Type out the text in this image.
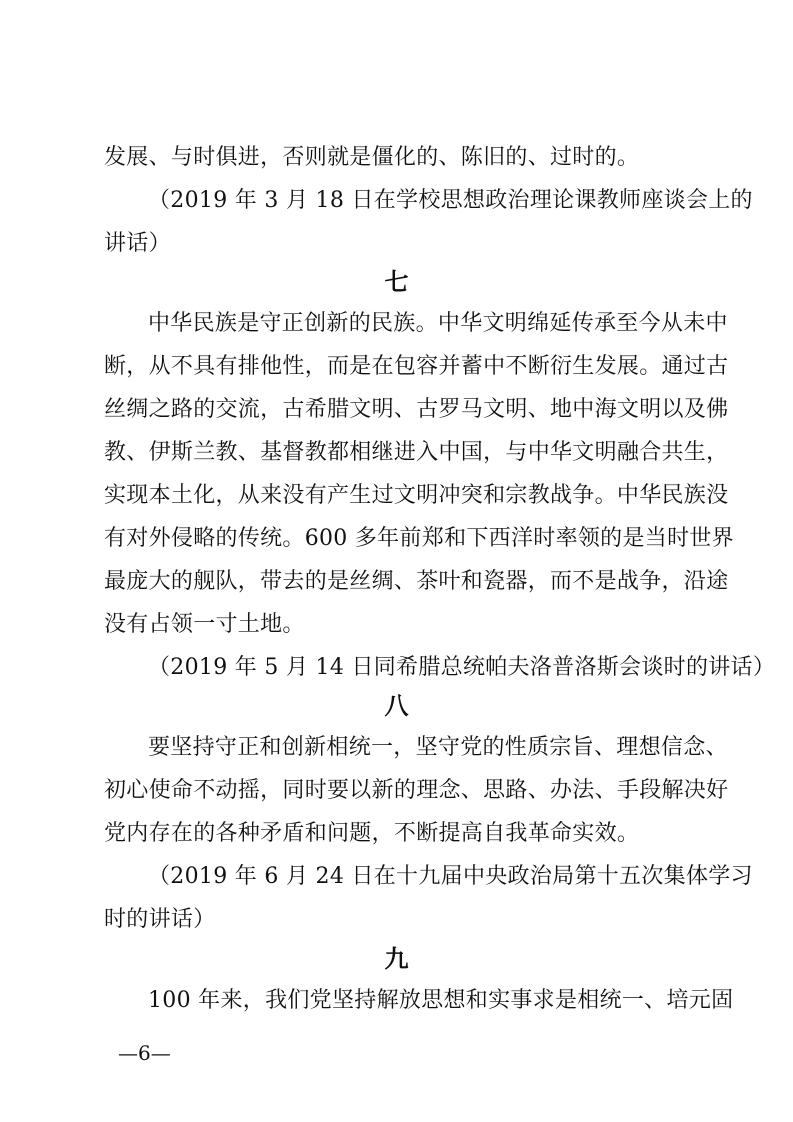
发展、与时俱进，否则就是僵化的、陈旧的、过时的。
（2019 年 3 月 18 日在学校思想政治理论课教师座谈会上的
讲话）
七
中华民族是守正创新的民族。中华文明绵延传承至今从未中
断，从不具有排他性，而是在包容并蓄中不断衍生发展。通过古
丝绸之路的交流，古希腊文明、古罗马文明、地中海文明以及佛
教、伊斯兰教、基督教都相继进入中国，与中华文明融合共生，
实现本土化，从来没有产生过文明冲突和宗教战争。中华民族没
有对外侵略的传统。600 多年前郑和下西洋时率领的是当时世界
最庞大的舰队，带去的是丝绸、茶叶和瓷器，而不是战争，沿途
没有占领一寸土地。
（2019 年 5 月 14 日同希腊总统帕夫洛普洛斯会谈时的讲话）
八
要坚持守正和创新相统一，坚守党的性质宗旨、理想信念、
初心使命不动摇，同时要以新的理念、思路、办法、手段解决好
党内存在的各种矛盾和问题，不断提高自我革命实效。
（2019 年 6 月 24 日在十九届中央政治局第十五次集体学习
时的讲话）
九
100 年来，我们党坚持解放思想和实事求是相统一、培元固
—6—
